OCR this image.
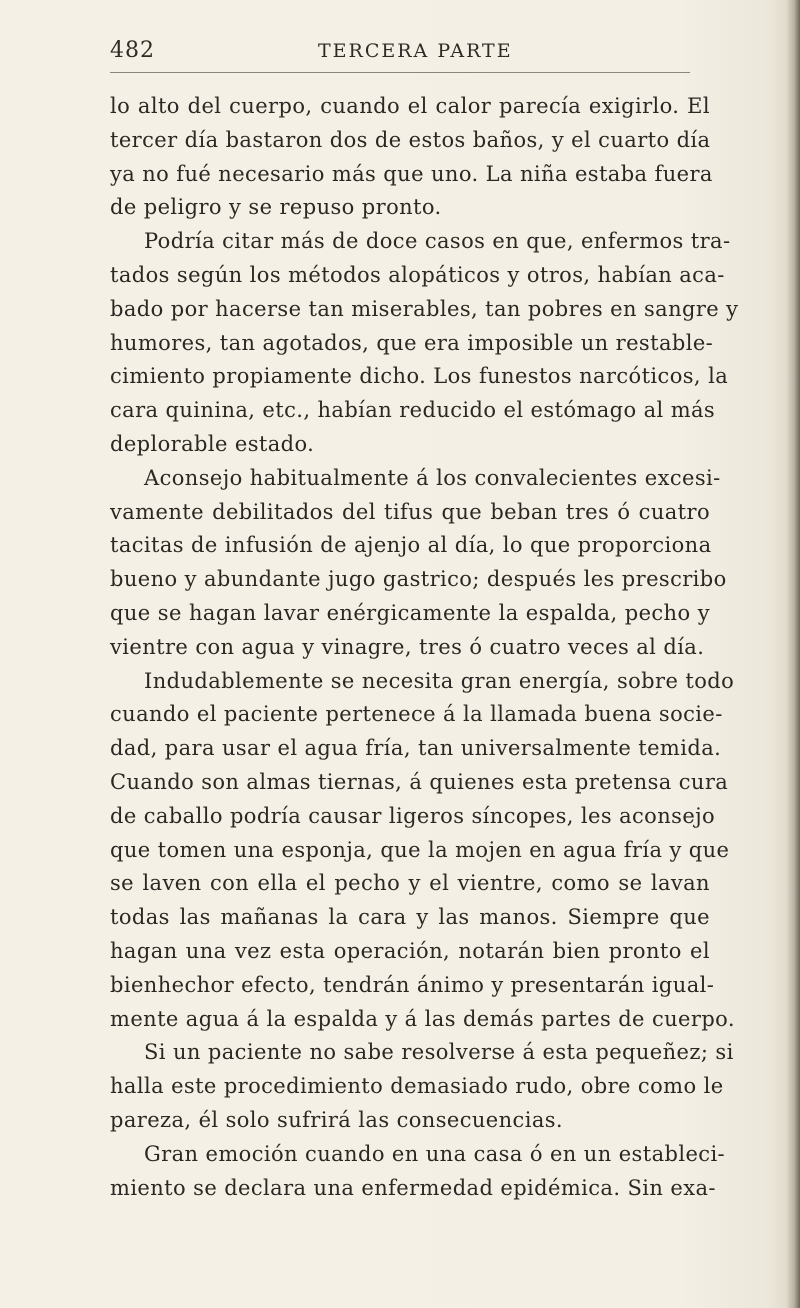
482	TERCERA PARTE
lo alto del cuerpo, cuando el calor parecía exigirlo. El
tercer día bastaron dos de estos baños, y el cuarto día
ya no fué necesario más que uno. La niña estaba fuera
de peligro y se repuso pronto.
Podría citar más de doce casos en que, enfermos tra-
tados según los métodos alopáticos y otros, habían aca-
bado por hacerse tan miserables, tan pobres en sangre y
humores, tan agotados, que era imposible un restable-
cimiento propiamente dicho. Los funestos narcóticos, la
cara quinina, etc., habían reducido el estómago al más
deplorable estado.
Aconsejo habitualmente á los convalecientes excesi-
vamente debilitados del tifus que beban tres ó cuatro
tacitas de infusión de ajenjo al día, lo que proporciona
bueno y abundante jugo gastrico; después les prescribo
que se hagan lavar enérgicamente la espalda, pecho y
vientre con agua y vinagre, tres ó cuatro veces al día.
Indudablemente se necesita gran energía, sobre todo
cuando el paciente pertenece á la llamada buena socie-
dad, para usar el agua fría, tan universalmente temida.
Cuando son almas tiernas, á quienes esta pretensa cura
de caballo podría causar ligeros síncopes, les aconsejo
que tomen una esponja, que la mojen en agua fría y que
se laven con ella el pecho y el vientre, como se lavan
todas las mañanas la cara y las manos. Siempre que
hagan una vez esta operación, notarán bien pronto el
bienhechor efecto, tendrán ánimo y presentarán igual-
mente agua á la espalda y á las demás partes de cuerpo.
Si un paciente no sabe resolverse á esta pequeñez; si
halla este procedimiento demasiado rudo, obre como le
pareza, él solo sufrirá las consecuencias.
Gran emoción cuando en una casa ó en un estableci-
miento se declara una enfermedad epidémica. Sin exa-
